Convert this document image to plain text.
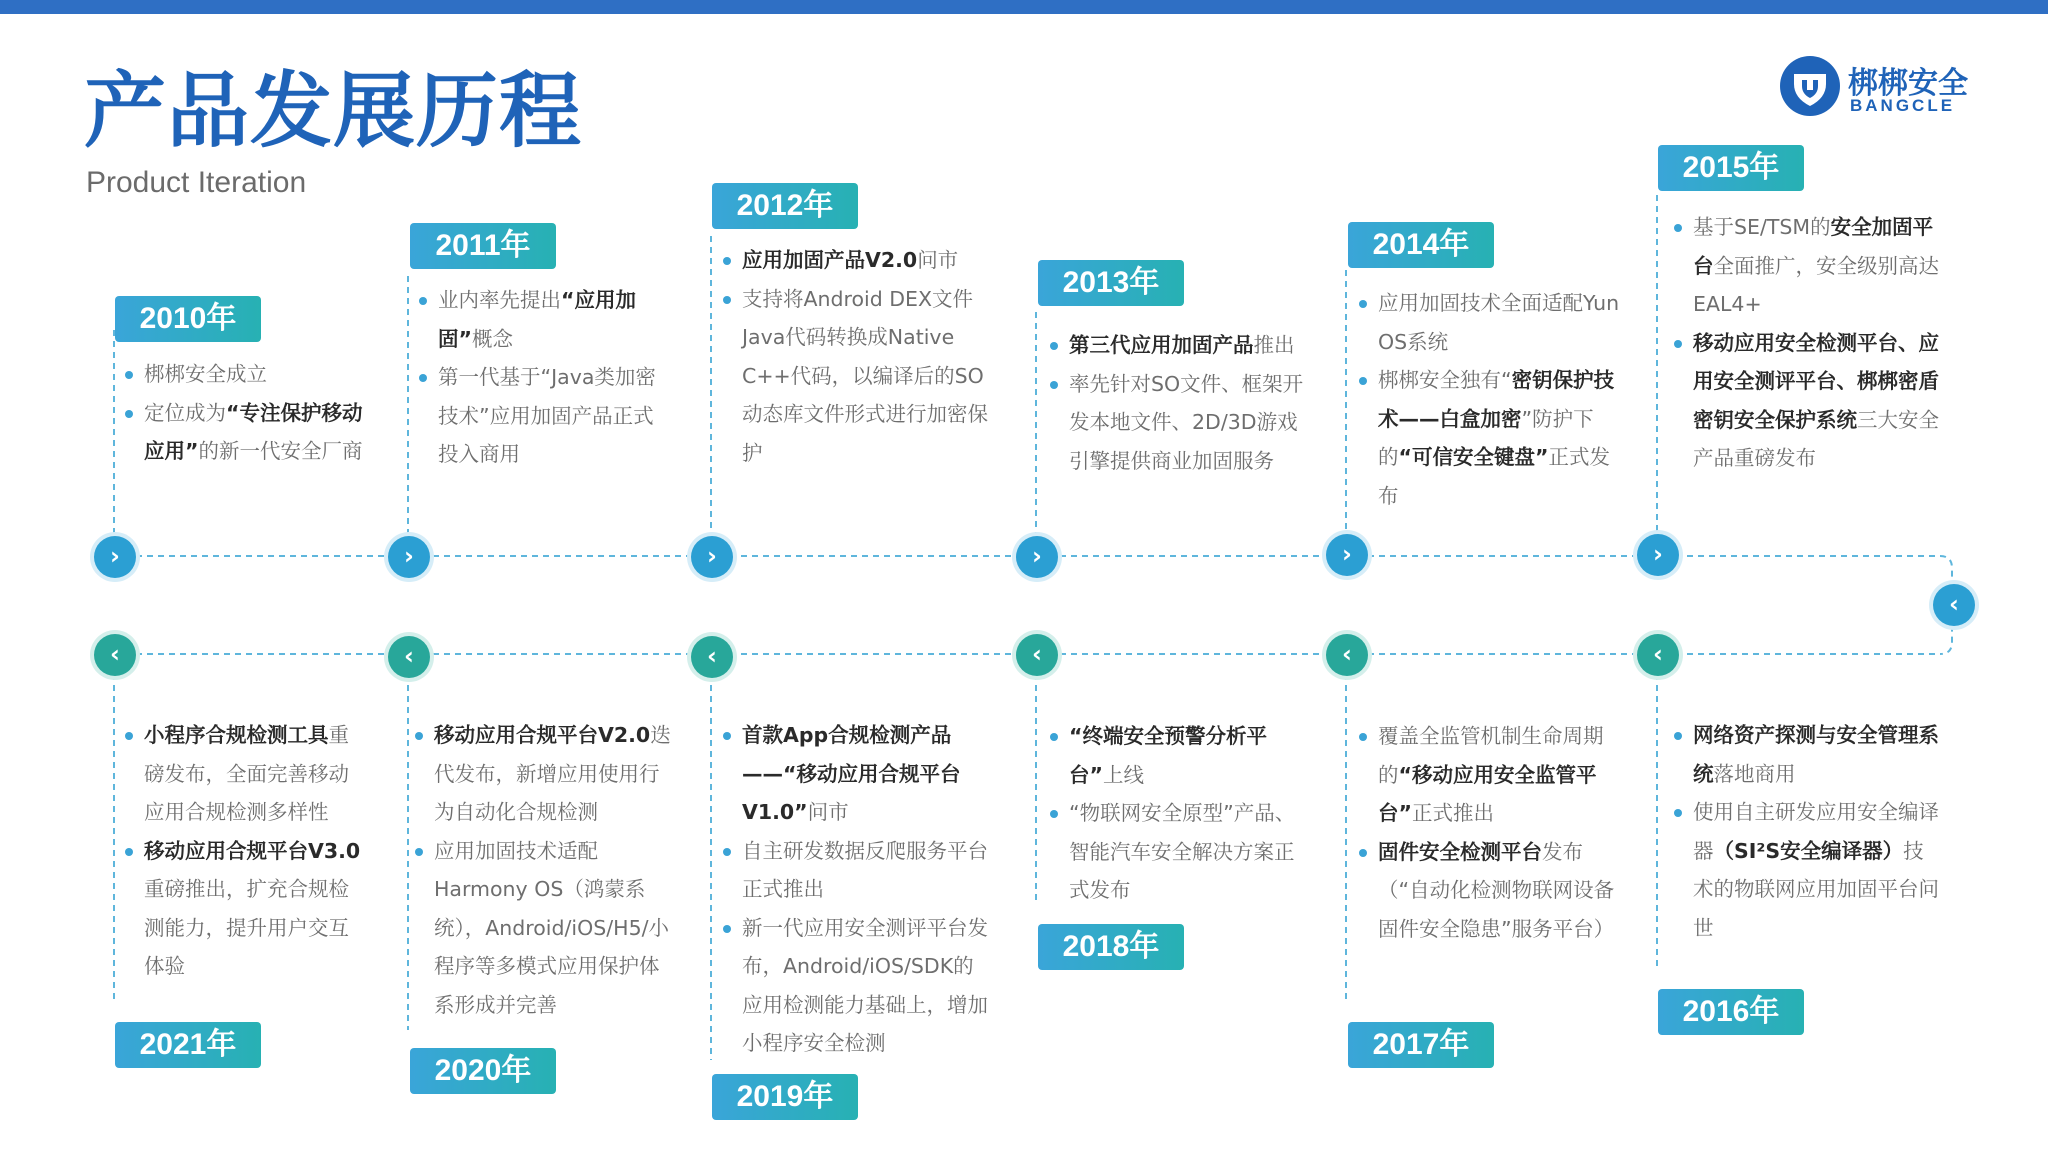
产品发展历程
Product Iteration
梆梆安全
BANGCLE
›	›	›	›	›	›
‹
‹	‹	‹	‹	‹	‹
2010年
2011年
2012年
2013年
2014年
2015年
2016年
2017年
2018年
2019年
2020年
2021年
梆梆安全成立
定位成为“专注保护移动应用”的新一代安全厂商
业内率先提出“应用加固”概念
第一代基于“Java类加密技术”应用加固产品正式投入商用
应用加固产品V2.0问市
支持将Android DEX文件Java代码转换成Native C++代码，以编译后的SO动态库文件形式进行加密保护
第三代应用加固产品推出
率先针对SO文件、框架开发本地文件、2D/3D游戏引擎提供商业加固服务
应用加固技术全面适配Yun OS系统
梆梆安全独有“密钥保护技术——白盒加密”防护下的“可信安全键盘”正式发布
基于SE/TSM的安全加固平台全面推广，安全级别高达EAL4+
移动应用安全检测平台、应用安全测评平台、梆梆密盾密钥安全保护系统三大安全产品重磅发布
网络资产探测与安全管理系统落地商用
使用自主研发应用安全编译器（SI²S安全编译器）技术的物联网应用加固平台问世
覆盖全监管机制生命周期的“移动应用安全监管平台”正式推出
固件安全检测平台发布（“自动化检测物联网设备固件安全隐患”服务平台）
“终端安全预警分析平台”上线
“物联网安全原型”产品、智能汽车安全解决方案正式发布
首款App合规检测产品——“移动应用合规平台V1.0”问市
自主研发数据反爬服务平台正式推出
新一代应用安全测评平台发布，Android/iOS/SDK的应用检测能力基础上，增加小程序安全检测
移动应用合规平台V2.0迭代发布，新增应用使用行为自动化合规检测
应用加固技术适配Harmony OS（鸿蒙系统），Android/iOS/H5/小程序等多模式应用保护体系形成并完善
小程序合规检测工具重磅发布，全面完善移动应用合规检测多样性
移动应用合规平台V3.0重磅推出，扩充合规检测能力，提升用户交互体验
